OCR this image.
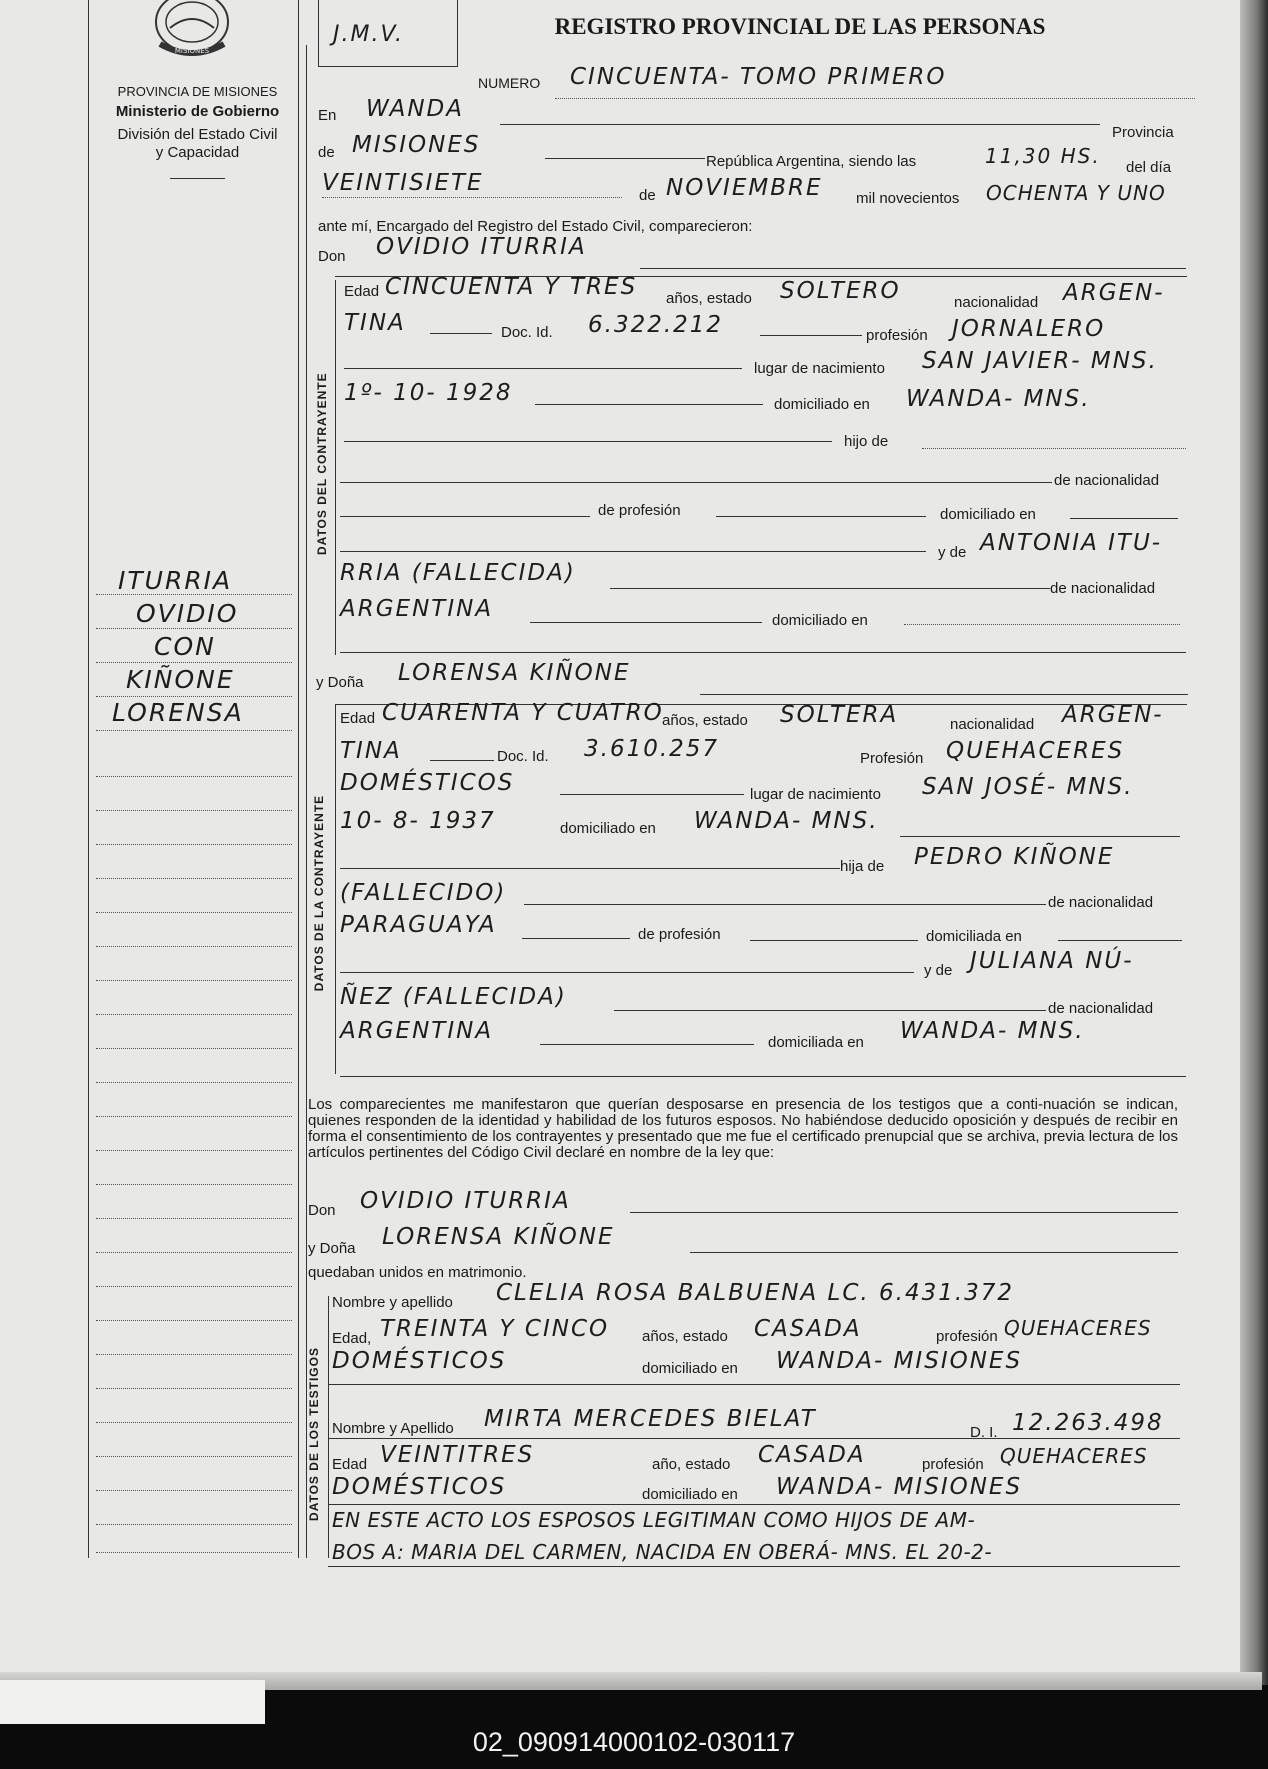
MISIONES
PROVINCIA DE MISIONES
Ministerio de Gobierno
División del Estado Civil
y Capacidad
ITURRIA
OVIDIO
CON
KIÑONE
LORENSA
J.M.V.	REGISTRO PROVINCIAL DE LAS PERSONAS
NUMERO CINCUENTA- TOMO PRIMERO
En WANDA
Provincia
de MISIONES
República Argentina, siendo las	11,30 HS. del día
VEINTISIETE	de NOVIEMBRE mil novecientos OCHENTA Y UNO
ante mí, Encargado del Registro del Estado Civil, comparecieron:
Don OVIDIO ITURRIA
DATOS DEL CONTRAYENTE
Edad CINCUENTA Y TRES años, estado SOLTERO	nacionalidad ARGEN-
TINA	Doc. Id. 6.322.212	profesión JORNALERO
lugar de nacimiento SAN JAVIER- MNS.
1º- 10- 1928	domiciliado en WANDA- MNS.
hijo de
de nacionalidad
de profesión	domiciliado en
y de ANTONIA ITU-
RRIA (FALLECIDA)
de nacionalidad
ARGENTINA	domiciliado en
y Doña LORENSA KIÑONE
DATOS DE LA CONTRAYENTE
Edad CUARENTA Y CUATRO
años, estado SOLTERA	nacionalidad ARGEN-
TINA	Doc. Id. 3.610.257	Profesión QUEHACERES
DOMÉSTICOS	lugar de nacimiento SAN JOSÉ- MNS.
10- 8- 1937	domiciliado en WANDA- MNS.
hija de PEDRO KIÑONE
(FALLECIDO)	de nacionalidad
PARAGUAYA	de profesión	domiciliada en
y de JULIANA NÚ-
ÑEZ (FALLECIDA)	de nacionalidad
ARGENTINA	domiciliada en WANDA- MNS.
Los comparecientes me manifestaron que querían desposarse en presencia de los testigos que a conti-nuación se indican, quienes responden de la identidad y habilidad de los futuros esposos. No habiéndose deducido oposición y después de recibir en forma el consentimiento de los contrayentes y presentado que me fue el certificado prenupcial que se archiva, previa lectura de los artículos pertinentes del Código Civil declaré en nombre de la ley que:
Don OVIDIO ITURRIA
y Doña LORENSA KIÑONE
quedaban unidos en matrimonio.
DATOS DE LOS TESTIGOS
Nombre y apellido CLELIA ROSA BALBUENA LC. 6.431.372
Edad, TREINTA Y CINCO años, estado CASADA	profesión QUEHACERES
DOMÉSTICOS	domiciliado en WANDA- MISIONES
Nombre y Apellido MIRTA MERCEDES BIELAT
D. I. 12.263.498
Edad VEINTITRES	año, estado CASADA	profesión QUEHACERES
DOMÉSTICOS	domiciliado en WANDA- MISIONES
EN ESTE ACTO LOS ESPOSOS LEGITIMAN COMO HIJOS DE AM-
BOS A: MARIA DEL CARMEN, NACIDA EN OBERÁ- MNS. EL 20-2-
02_090914000102-030117
